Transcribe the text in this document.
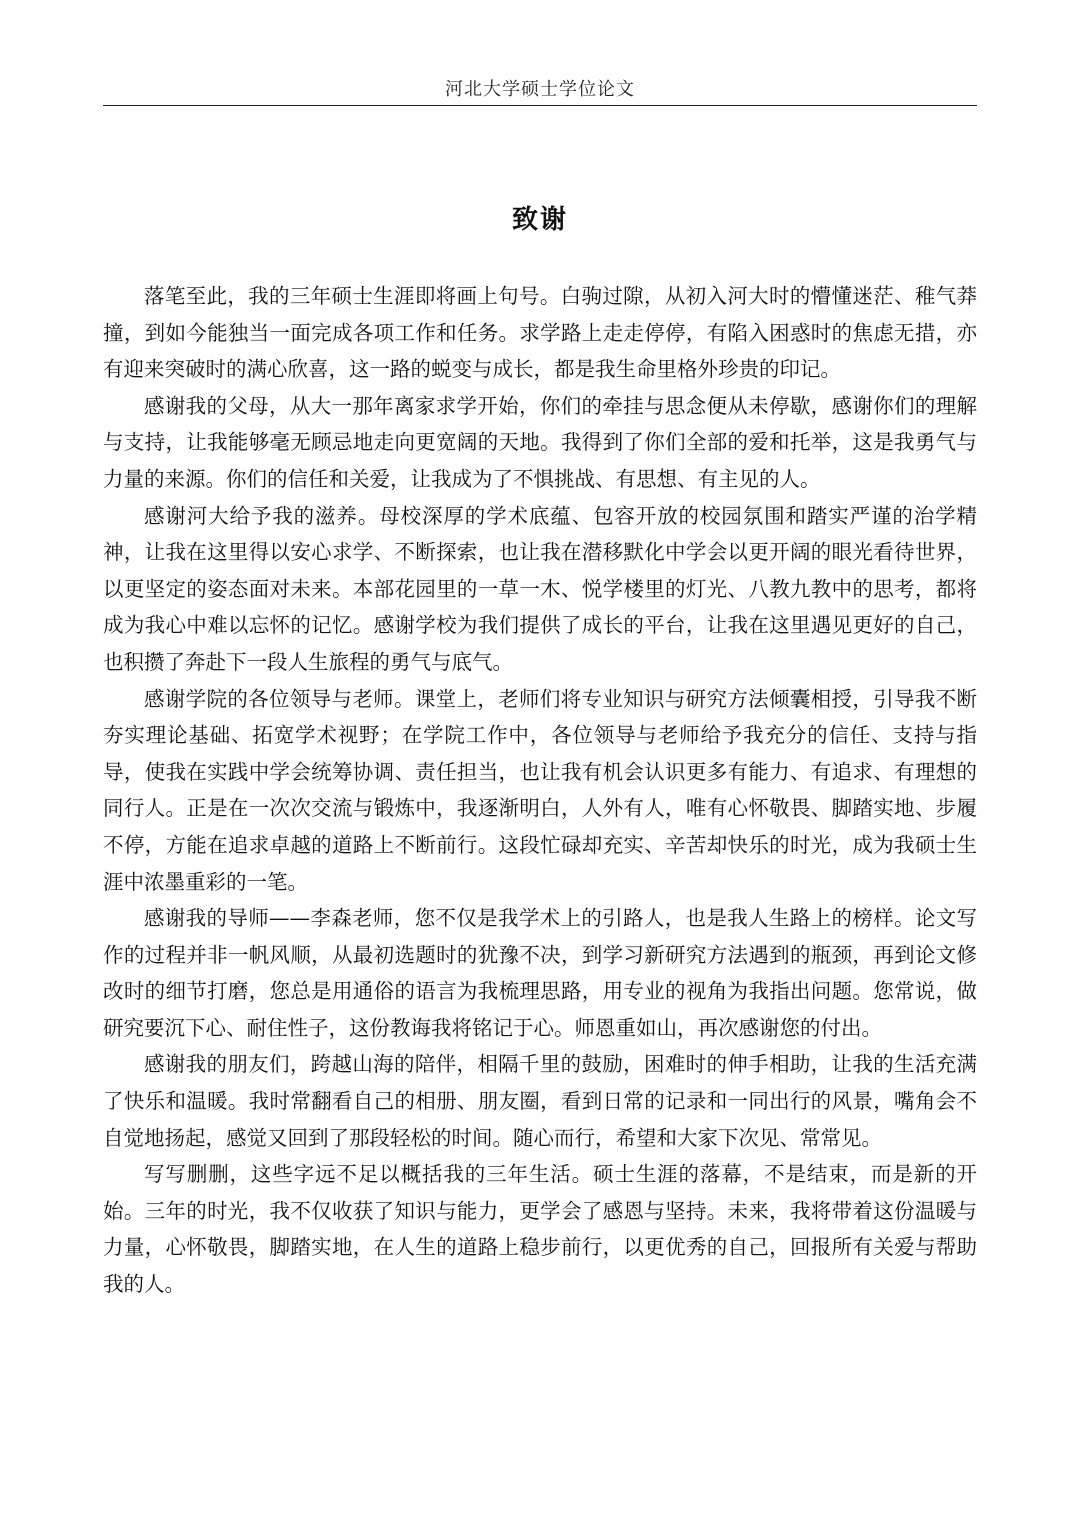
河北大学硕士学位论文
致谢

落笔至此，我的三年硕士生涯即将画上句号。白驹过隙，从初入河大时的懵懂迷茫、稚气莽撞，到如今能独当一面完成各项工作和任务。求学路上走走停停，有陷入困惑时的焦虑无措，亦有迎来突破时的满心欣喜，这一路的蜕变与成长，都是我生命里格外珍贵的印记。

感谢我的父母，从大一那年离家求学开始，你们的牵挂与思念便从未停歇，感谢你们的理解与支持，让我能够毫无顾忌地走向更宽阔的天地。我得到了你们全部的爱和托举，这是我勇气与力量的来源。你们的信任和关爱，让我成为了不惧挑战、有思想、有主见的人。

感谢河大给予我的滋养。母校深厚的学术底蕴、包容开放的校园氛围和踏实严谨的治学精神，让我在这里得以安心求学、不断探索，也让我在潜移默化中学会以更开阔的眼光看待世界，以更坚定的姿态面对未来。本部花园里的一草一木、悦学楼里的灯光、八教九教中的思考，都将成为我心中难以忘怀的记忆。感谢学校为我们提供了成长的平台，让我在这里遇见更好的自己，也积攒了奔赴下一段人生旅程的勇气与底气。

感谢学院的各位领导与老师。课堂上，老师们将专业知识与研究方法倾囊相授，引导我不断夯实理论基础、拓宽学术视野；在学院工作中，各位领导与老师给予我充分的信任、支持与指导，使我在实践中学会统筹协调、责任担当，也让我有机会认识更多有能力、有追求、有理想的同行人。正是在一次次交流与锻炼中，我逐渐明白，人外有人，唯有心怀敬畏、脚踏实地、步履不停，方能在追求卓越的道路上不断前行。这段忙碌却充实、辛苦却快乐的时光，成为我硕士生涯中浓墨重彩的一笔。

感谢我的导师——李森老师，您不仅是我学术上的引路人，也是我人生路上的榜样。论文写作的过程并非一帆风顺，从最初选题时的犹豫不决，到学习新研究方法遇到的瓶颈，再到论文修改时的细节打磨，您总是用通俗的语言为我梳理思路，用专业的视角为我指出问题。您常说，做研究要沉下心、耐住性子，这份教诲我将铭记于心。师恩重如山，再次感谢您的付出。

感谢我的朋友们，跨越山海的陪伴，相隔千里的鼓励，困难时的伸手相助，让我的生活充满了快乐和温暖。我时常翻看自己的相册、朋友圈，看到日常的记录和一同出行的风景，嘴角会不自觉地扬起，感觉又回到了那段轻松的时间。随心而行，希望和大家下次见、常常见。

写写删删，这些字远不足以概括我的三年生活。硕士生涯的落幕，不是结束，而是新的开始。三年的时光，我不仅收获了知识与能力，更学会了感恩与坚持。未来，我将带着这份温暖与力量，心怀敬畏，脚踏实地，在人生的道路上稳步前行，以更优秀的自己，回报所有关爱与帮助我的人。
